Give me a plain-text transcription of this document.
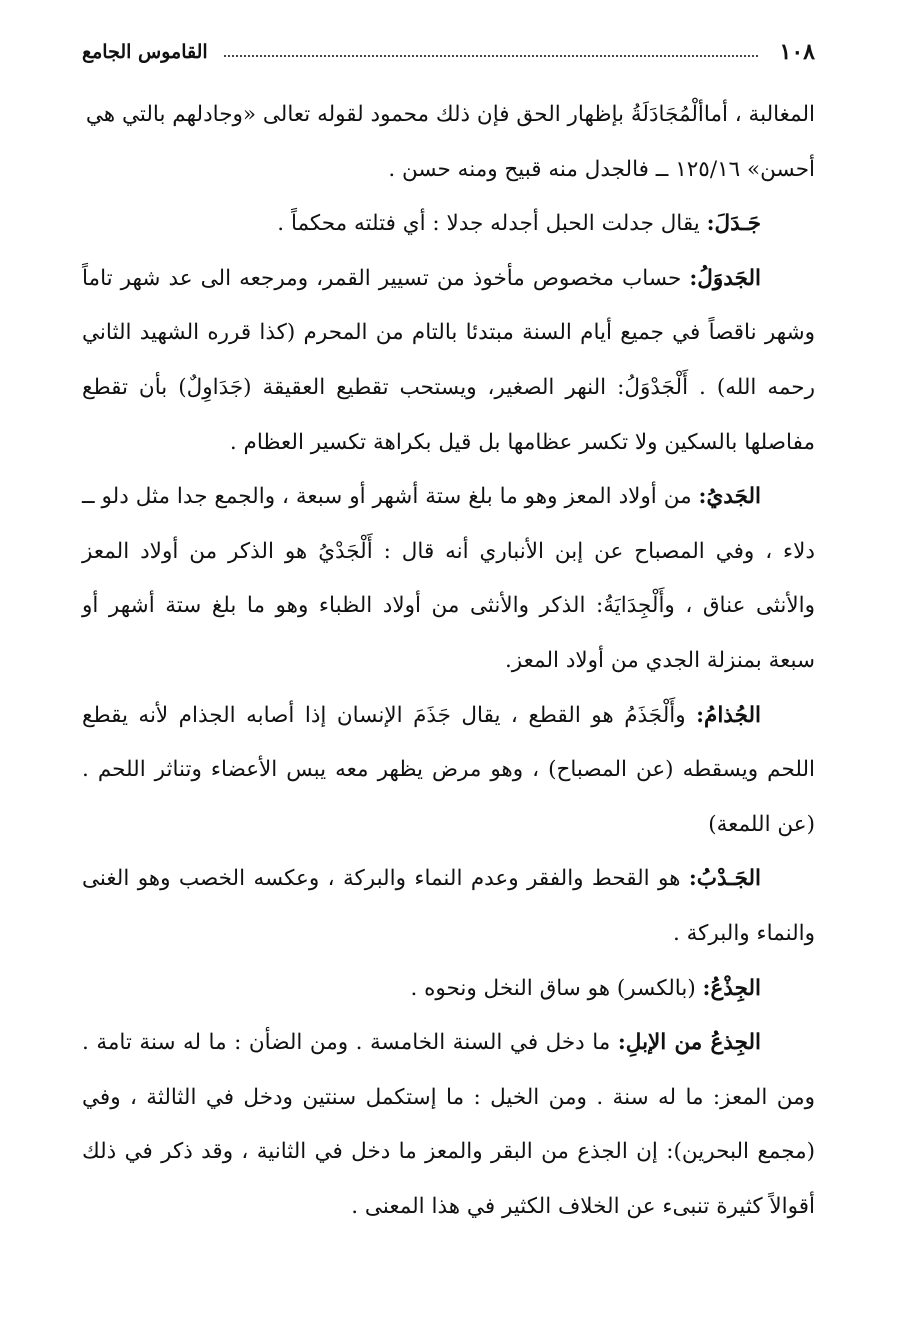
١٠٨
القاموس الجامع

المغالبة ، أماألْمُجَادَلَةُ بإظهار الحق فإن ذلك محمود لقوله تعالى «وجادلهم بالتي هي أحسن» ١٢٥/١٦ ــ فالجدل منه قبيح ومنه حسن .

جَـدَلَ: يقال جدلت الحبل أجدله جدلا : أي فتلته محكماً .

الجَدوَلُ: حساب مخصوص مأخوذ من تسيير القمر، ومرجعه الى عد شهر تاماً وشهر ناقصاً في جميع أيام السنة مبتدئا بالتام من المحرم (كذا قرره الشهيد الثاني رحمه الله) . أَلْجَدْوَلُ: النهر الصغير، ويستحب تقطيع العقيقة (جَدَاوِلٌ) بأن تقطع مفاصلها بالسكين ولا تكسر عظامها بل قيل بكراهة تكسير العظام .

الجَديُ: من أولاد المعز وهو ما بلغ ستة أشهر أو سبعة ، والجمع جدا مثل دلو ــ دلاء ، وفي المصباح عن إبن الأنباري أنه قال : أَلْجَدْيُ هو الذكر من أولاد المعز والأنثى عناق ، وأَلْجِدَايَةُ: الذكر والأنثى من أولاد الظباء وهو ما بلغ ستة أشهر أو سبعة بمنزلة الجدي من أولاد المعز.

الجُذامُ: وأَلْجَذَمُ هو القطع ، يقال جَذَمَ الإنسان إذا أصابه الجذام لأنه يقطع اللحم ويسقطه (عن المصباح) ، وهو مرض يظهر معه يبس الأعضاء وتناثر اللحم . (عن اللمعة)

الجَـدْبُ: هو القحط والفقر وعدم النماء والبركة ، وعكسه الخصب وهو الغنى والنماء والبركة .

الجِذْعُ: (بالكسر) هو ساق النخل ونحوه .

الجِذعُ من الإبلِ: ما دخل في السنة الخامسة . ومن الضأن : ما له سنة تامة . ومن المعز: ما له سنة . ومن الخيل : ما إستكمل سنتين ودخل في الثالثة ، وفي (مجمع البحرين): إن الجذع من البقر والمعز ما دخل في الثانية ، وقد ذكر في ذلك أقوالاً كثيرة تنبىء عن الخلاف الكثير في هذا المعنى .
